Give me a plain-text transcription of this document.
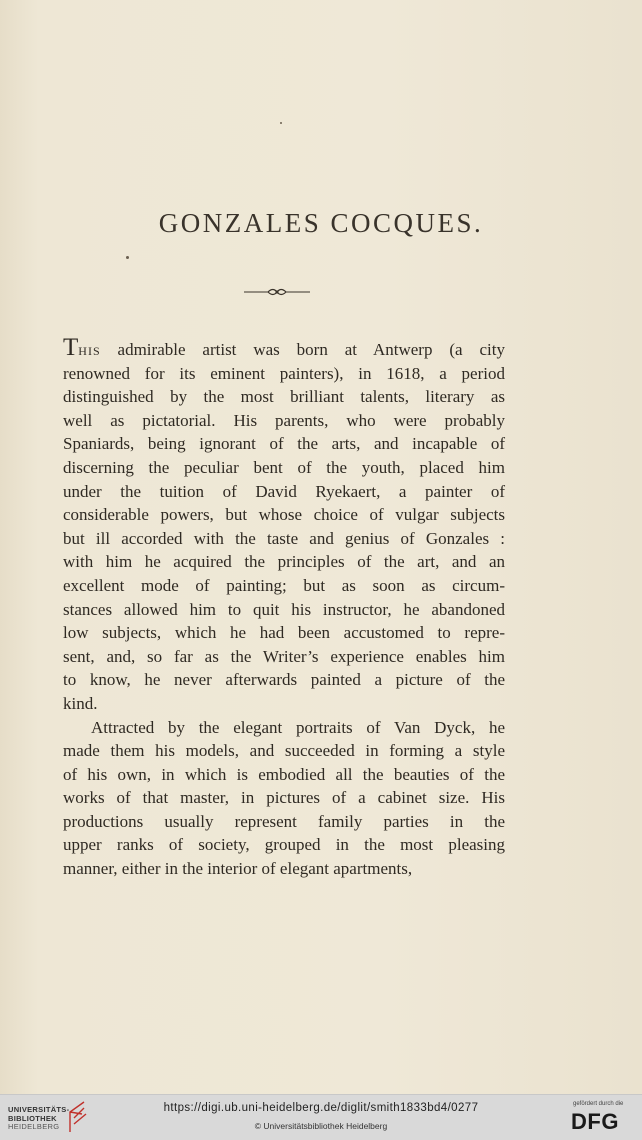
GONZALES COCQUES.

This admirable artist was born at Antwerp (a city
renowned for its eminent painters), in 1618, a period
distinguished by the most brilliant talents, literary as
well as pictatorial. His parents, who were probably
Spaniards, being ignorant of the arts, and incapable of
discerning the peculiar bent of the youth, placed him
under the tuition of David Ryekaert, a painter of
considerable powers, but whose choice of vulgar subjects
but ill accorded with the taste and genius of Gonzales :
with him he acquired the principles of the art, and an
excellent mode of painting; but as soon as circum-
stances allowed him to quit his instructor, he abandoned
low subjects, which he had been accustomed to repre-
sent, and, so far as the Writer’s experience enables him
to know, he never afterwards painted a picture of the
kind.

Attracted by the elegant portraits of Van Dyck, he
made them his models, and succeeded in forming a style
of his own, in which is embodied all the beauties of the
works of that master, in pictures of a cabinet size. His
productions usually represent family parties in the
upper ranks of society, grouped in the most pleasing
manner, either in the interior of elegant apartments,

UNIVERSITÄTS-
BIBLIOTHEK
HEIDELBERG
https://digi.ub.uni-heidelberg.de/diglit/smith1833bd4/0277
© Universitätsbibliothek Heidelberg
gefördert durch die
DFG
